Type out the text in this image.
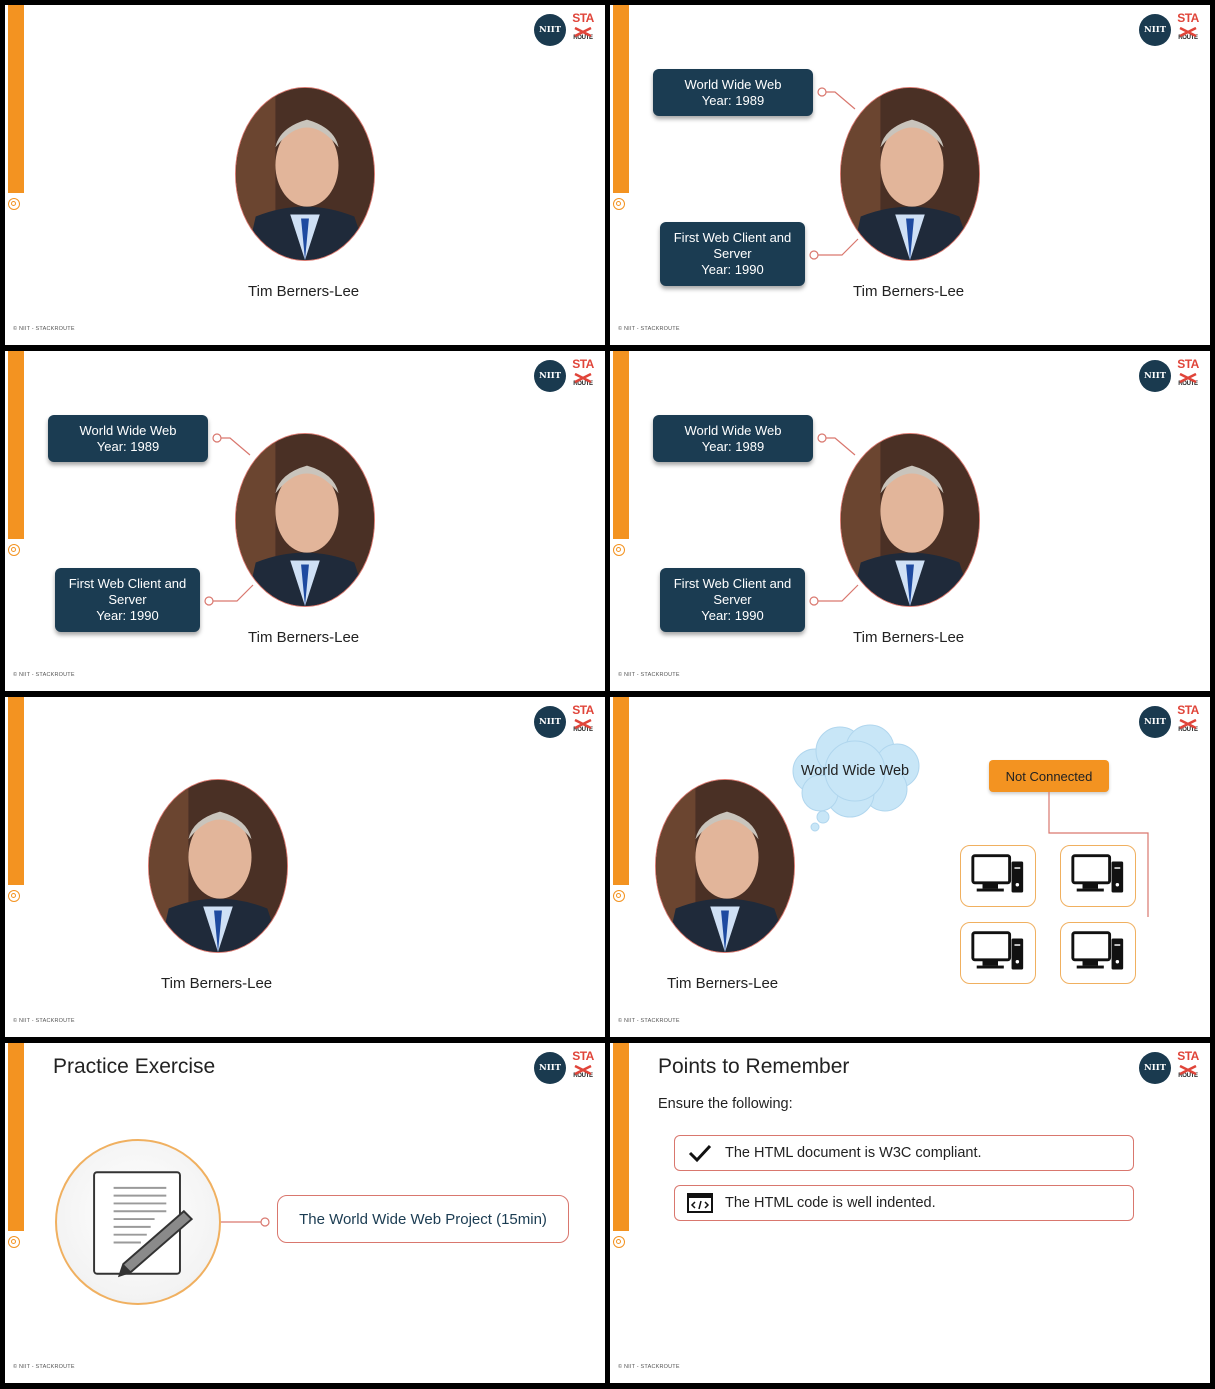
NIIT
STA
ROUTE
Tim Berners-Lee
© NIIT - STACKROUTE
NIIT
STA
ROUTE
World Wide Web
Year: 1989
First Web Client and
Server
Year: 1990
Tim Berners-Lee
© NIIT - STACKROUTE
NIIT
STA
ROUTE
World Wide Web
Year: 1989
First Web Client and
Server
Year: 1990
Tim Berners-Lee
© NIIT - STACKROUTE
NIIT
STA
ROUTE
World Wide Web
Year: 1989
First Web Client and
Server
Year: 1990
Tim Berners-Lee
© NIIT - STACKROUTE
NIIT
STA
ROUTE
Tim Berners-Lee
© NIIT - STACKROUTE
NIIT
STA
ROUTE
Tim Berners-Lee
World Wide Web	Not Connected
© NIIT - STACKROUTE
NIIT
STA
ROUTE
Practice Exercise
The World Wide Web Project (15min)
© NIIT - STACKROUTE
NIIT
STA
ROUTE
Points to Remember
Ensure the following:
The HTML document is W3C compliant.
The HTML code is well indented.
© NIIT - STACKROUTE
